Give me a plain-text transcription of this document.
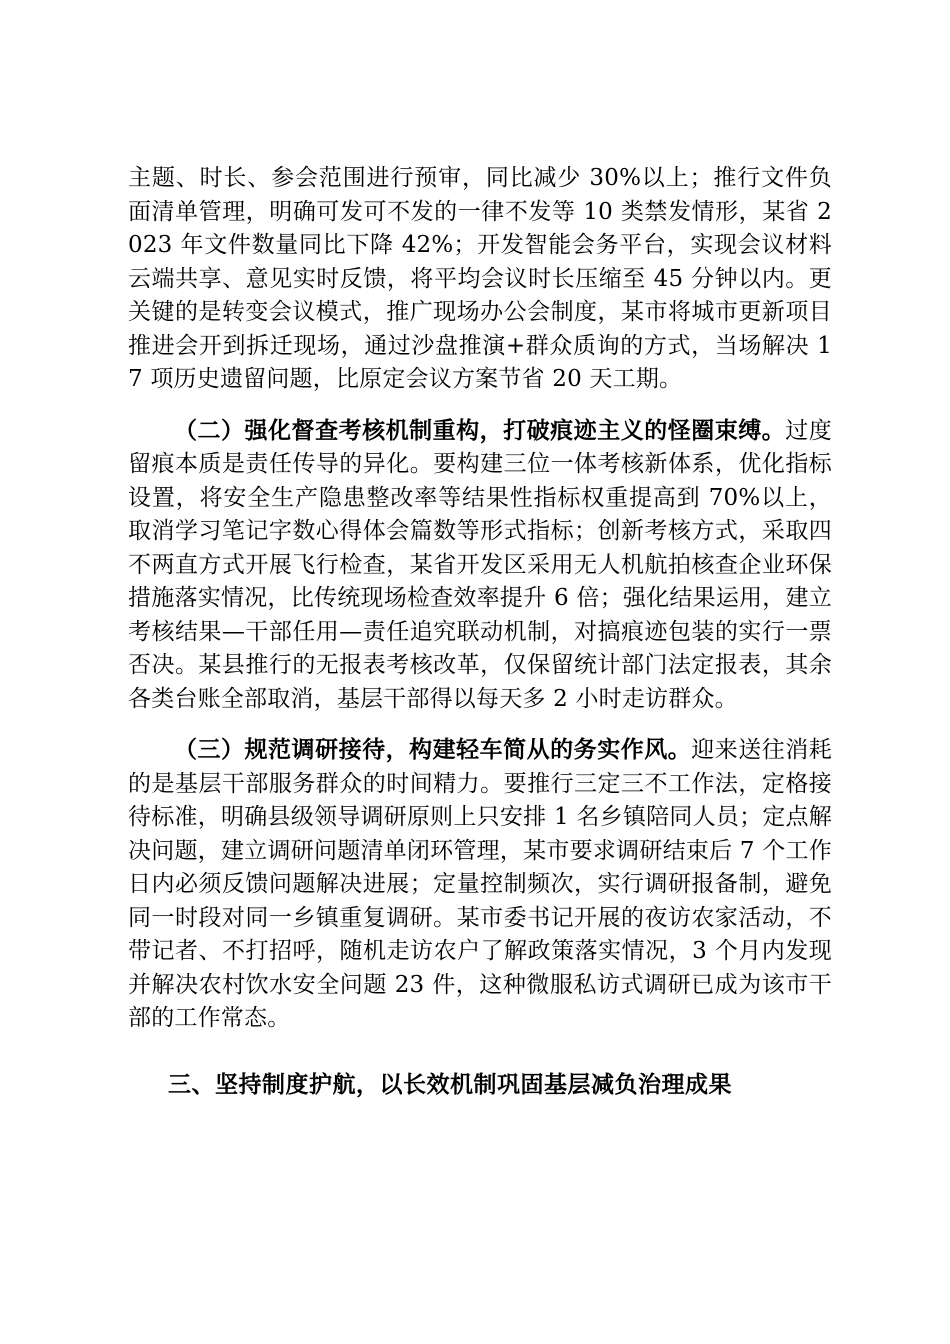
主题、时长、参会范围进行预审，同比减少 30%以上；推行文件负面清单管理，明确可发可不发的一律不发等 10 类禁发情形，某省 2023 年文件数量同比下降 42%；开发智能会务平台，实现会议材料云端共享、意见实时反馈，将平均会议时长压缩至 45 分钟以内。更关键的是转变会议模式，推广现场办公会制度，某市将城市更新项目推进会开到拆迁现场，通过沙盘推演+群众质询的方式，当场解决 17 项历史遗留问题，比原定会议方案节省 20 天工期。

（二）强化督查考核机制重构，打破痕迹主义的怪圈束缚。过度留痕本质是责任传导的异化。要构建三位一体考核新体系，优化指标设置，将安全生产隐患整改率等结果性指标权重提高到 70%以上，取消学习笔记字数心得体会篇数等形式指标；创新考核方式，采取四不两直方式开展飞行检查，某省开发区采用无人机航拍核查企业环保措施落实情况，比传统现场检查效率提升 6 倍；强化结果运用，建立考核结果—干部任用—责任追究联动机制，对搞痕迹包装的实行一票否决。某县推行的无报表考核改革，仅保留统计部门法定报表，其余各类台账全部取消，基层干部得以每天多 2 小时走访群众。

（三）规范调研接待，构建轻车简从的务实作风。迎来送往消耗的是基层干部服务群众的时间精力。要推行三定三不工作法，定格接待标准，明确县级领导调研原则上只安排 1 名乡镇陪同人员；定点解决问题，建立调研问题清单闭环管理，某市要求调研结束后 7 个工作日内必须反馈问题解决进展；定量控制频次，实行调研报备制，避免同一时段对同一乡镇重复调研。某市委书记开展的夜访农家活动，不带记者、不打招呼，随机走访农户了解政策落实情况，3 个月内发现并解决农村饮水安全问题 23 件，这种微服私访式调研已成为该市干部的工作常态。

三、坚持制度护航，以长效机制巩固基层减负治理成果
